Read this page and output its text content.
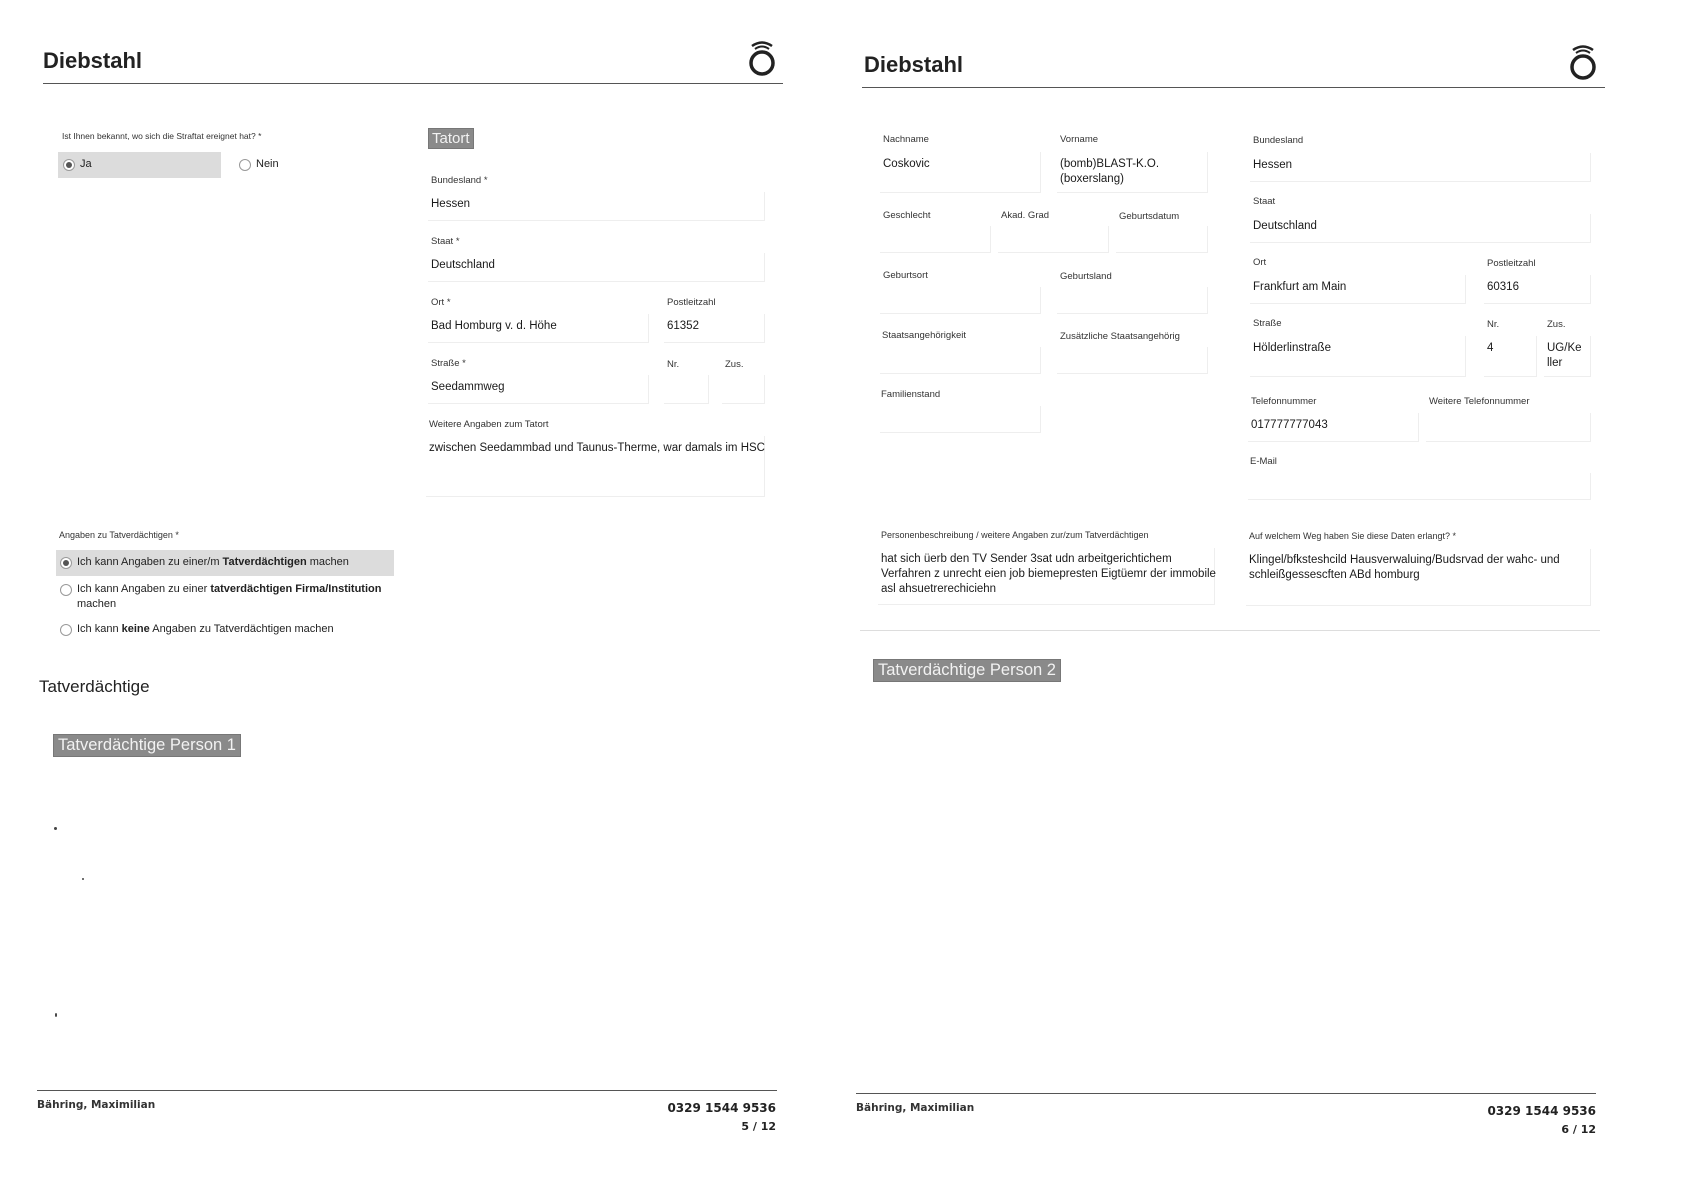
Diebstahl
Ist Ihnen bekannt, wo sich die Straftat ereignet hat? *
Ja	Nein
Tatort
Bundesland *
Hessen
Staat *
Deutschland
Ort *
Bad Homburg v. d. Höhe
Postleitzahl
61352
Straße *
Seedammweg
Nr.	Zus.
Weitere Angaben zum Tatort
zwischen Seedammbad und Taunus-Therme, war damals im HSC
Angaben zu Tatverdächtigen *
Ich kann Angaben zu einer/m Tatverdächtigen machen
Ich kann Angaben zu einer tatverdächtigen Firma/Institution
machen
Ich kann keine Angaben zu Tatverdächtigen machen
Tatverdächtige
Tatverdächtige Person 1
Bähring, Maximilian	0329 1544 9536
5 / 12
Diebstahl
Nachname
Coskovic
Vorname
(bomb)BLAST-K.O.
(boxerslang)
Geschlecht	Akad. Grad	Geburtsdatum
Geburtsort	Geburtsland
Staatsangehörigkeit	Zusätzliche Staatsangehörig
Familienstand
Bundesland
Hessen
Staat
Deutschland
Ort
Frankfurt am Main
Postleitzahl
60316
Straße
Hölderlinstraße
Nr.
4
Zus.
UG/Ke
ller
Telefonnummer
017777777043
Weitere Telefonnummer
E-Mail
Personenbeschreibung / weitere Angaben zur/zum Tatverdächtigen
hat sich üerb den TV Sender 3sat udn arbeitgerichtichem
Verfahren z unrecht eien job biemepresten Eigtüemr der immobile
asl ahsuetrerechiciehn
Auf welchem Weg haben Sie diese Daten erlangt? *
Klingel/bfksteshcild Hausverwaluing/Budsrvad der wahc- und
schleißgessescften ABd homburg
Tatverdächtige Person 2
Bähring, Maximilian	0329 1544 9536
6 / 12
